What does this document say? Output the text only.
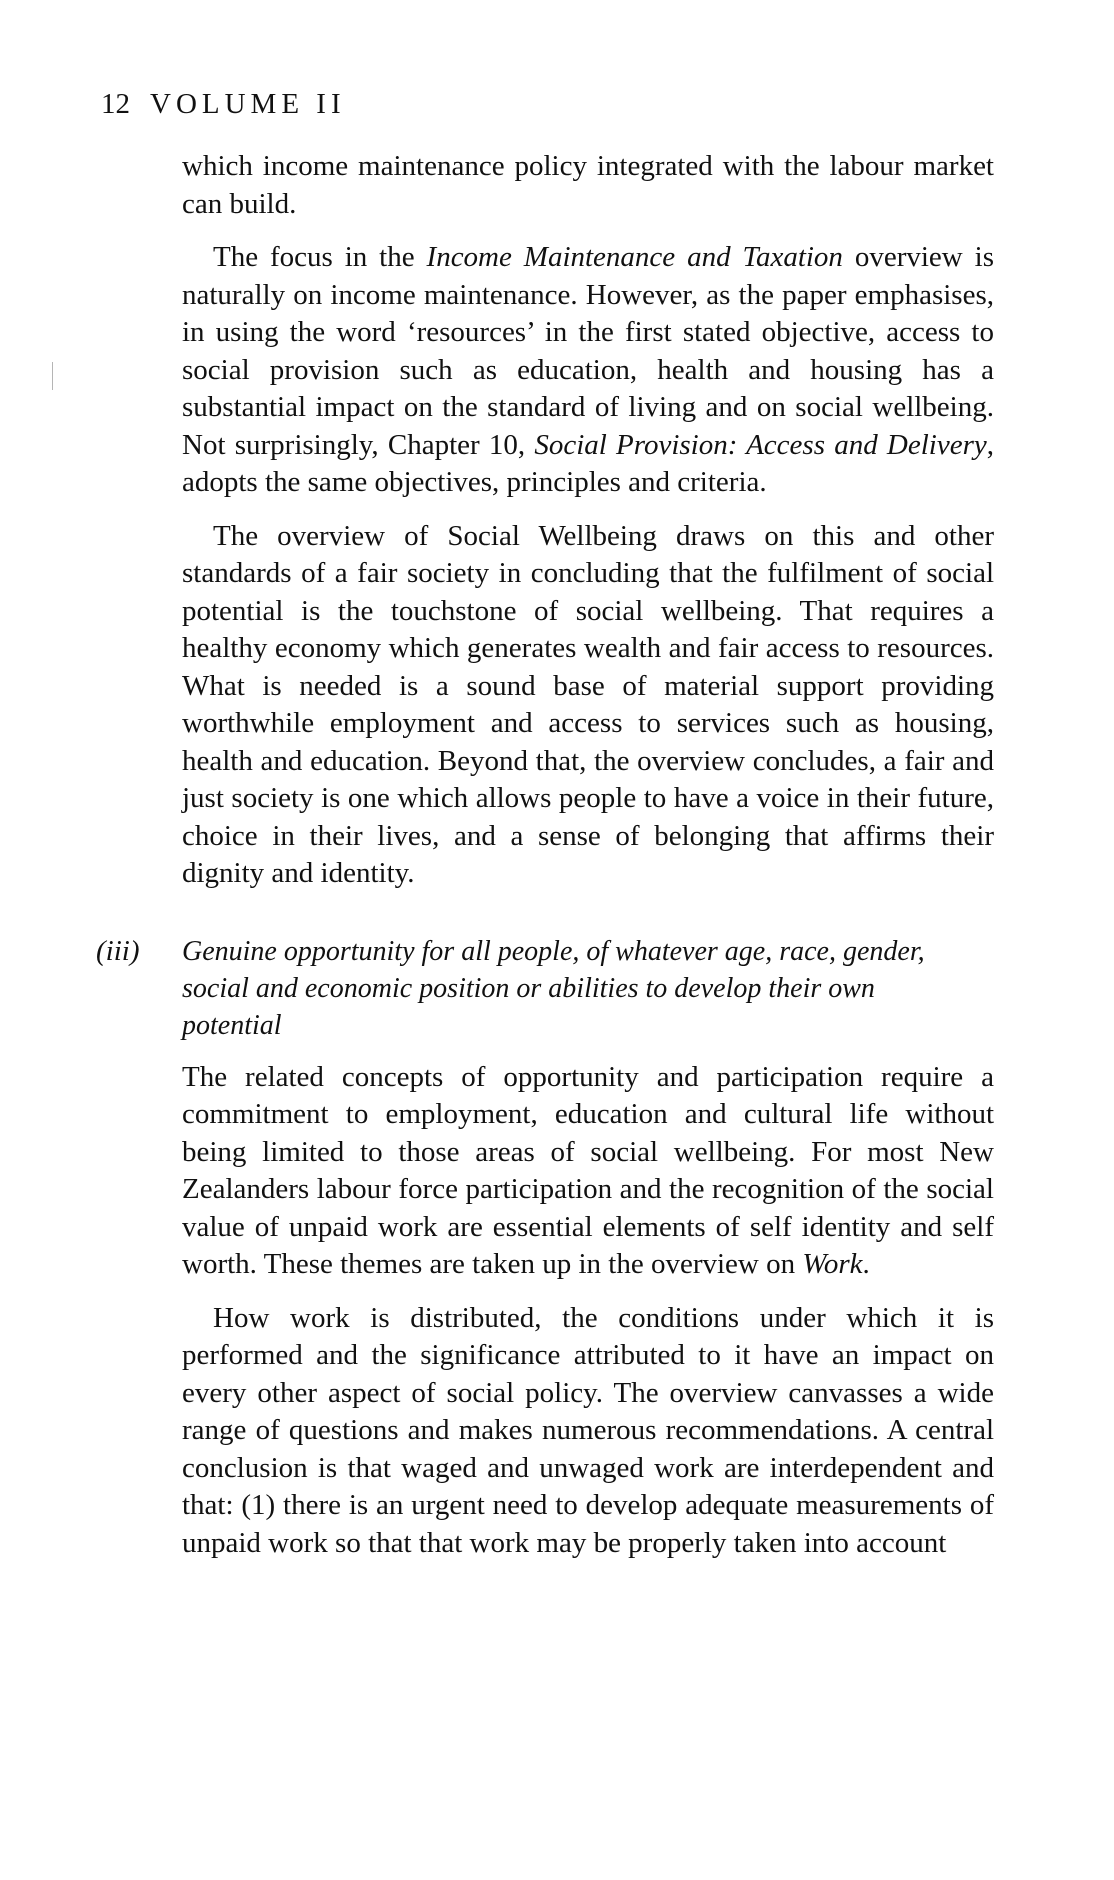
12 VOLUME II

which income maintenance policy integrated with the labour market can build.

The focus in the Income Maintenance and Taxation overview is naturally on income maintenance. However, as the paper emphasises, in using the word ‘resources’ in the first stated objective, access to social provision such as education, health and housing has a substantial impact on the standard of living and on social wellbeing. Not surprisingly, Chapter 10, Social Provision: Access and Delivery, adopts the same objectives, principles and criteria.

The overview of Social Wellbeing draws on this and other standards of a fair society in concluding that the fulfilment of social potential is the touchstone of social wellbeing. That requires a healthy economy which generates wealth and fair access to resources. What is needed is a sound base of material support providing worthwhile employment and access to services such as housing, health and education. Beyond that, the overview concludes, a fair and just society is one which allows people to have a voice in their future, choice in their lives, and a sense of belonging that affirms their dignity and identity.

(iii) Genuine opportunity for all people, of whatever age, race, gender, social and economic position or abilities to develop their own potential

The related concepts of opportunity and participation require a commitment to employment, education and cultural life without being limited to those areas of social wellbeing. For most New Zealanders labour force participation and the recognition of the social value of unpaid work are essential elements of self identity and self worth. These themes are taken up in the overview on Work.

How work is distributed, the conditions under which it is performed and the significance attributed to it have an impact on every other aspect of social policy. The overview canvasses a wide range of questions and makes numerous recommendations. A central conclusion is that waged and unwaged work are interdependent and that: (1) there is an urgent need to develop adequate measurements of unpaid work so that that work may be properly taken into account
